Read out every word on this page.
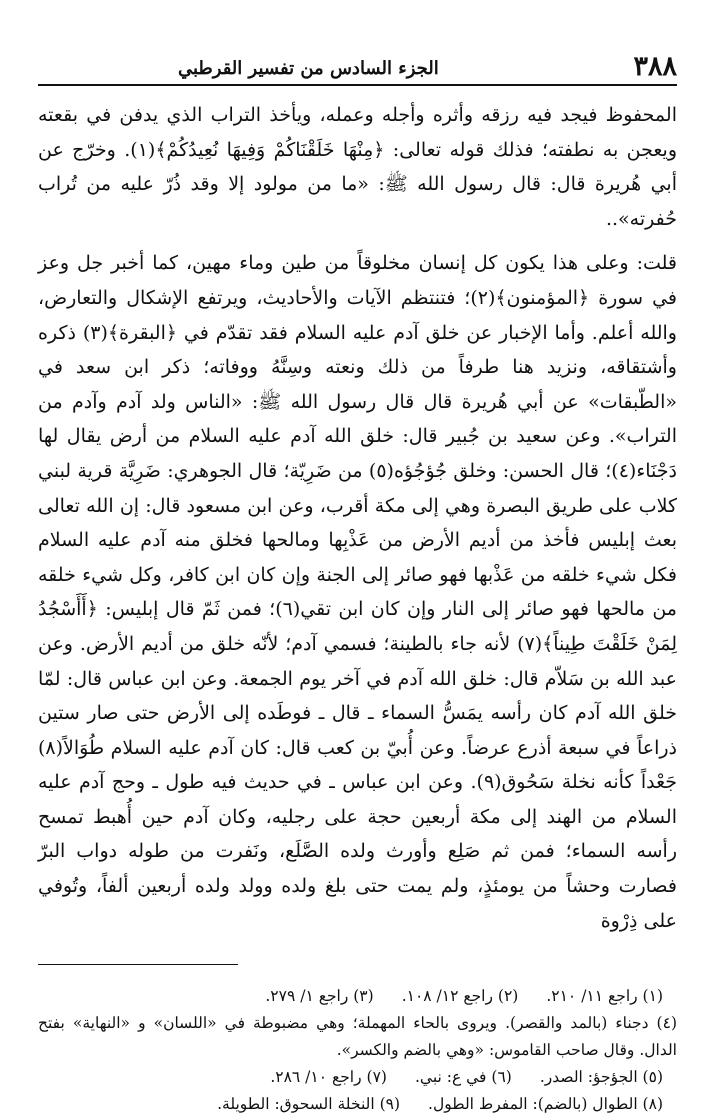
٣٨٨
الجزء السادس من تفسير القرطبي

المحفوظ فيجد فيه رزقه وأثره وأجله وعمله، ويأخذ التراب الذي يدفن في بقعته ويعجن به نطفته؛ فذلك قوله تعالى: ﴿مِنْهَا خَلَقْنَاكُمْ وَفِيهَا نُعِيدُكُمْ﴾(١). وخرّج عن أبي هُريرة قال: قال رسول الله ﷺ: «ما من مولود إلا وقد ذُرّ عليه من تُراب حُفرته»..

قلت: وعلى هذا يكون كل إنسان مخلوقاً من طين وماء مهين، كما أخبر جل وعز في سورة ﴿المؤمنون﴾(٢)؛ فتنتظم الآيات والأحاديث، ويرتفع الإشكال والتعارض، والله أعلم. وأما الإخبار عن خلق آدم عليه السلام فقد تقدّم في ﴿البقرة﴾(٣) ذكره وأشتقاقه، ونزيد هنا طرفاً من ذلك ونعته وسِنَّهُ ووفاته؛ ذكر ابن سعد في «الطّبقات» عن أبي هُريرة قال قال رسول الله ﷺ: «الناس ولد آدم وآدم من التراب». وعن سعيد بن جُبير قال: خلق الله آدم عليه السلام من أرض يقال لها دَجْنَاء(٤)؛ قال الحسن: وخلق جُؤجُؤه(٥) من ضَرِيّة؛ قال الجوهري: ضَرِيَّة قرية لبني كلاب على طريق البصرة وهي إلى مكة أقرب، وعن ابن مسعود قال: إن الله تعالى بعث إبليس فأخذ من أديم الأرض من عَذْبِها ومالحها فخلق منه آدم عليه السلام فكل شيء خلقه من عَذْبها فهو صائر إلى الجنة وإن كان ابن كافر، وكل شيء خلقه من مالحها فهو صائر إلى النار وإن كان ابن تقي(٦)؛ فمن ثَمّ قال إبليس: ﴿أَأَسْجُدُ لِمَنْ خَلَقْتَ طِيناً﴾(٧) لأنه جاء بالطينة؛ فسمي آدم؛ لأنّه خلق من أديم الأرض. وعن عبد الله بن سَلاّم قال: خلق الله آدم في آخر يوم الجمعة. وعن ابن عباس قال: لمّا خلق الله آدم كان رأسه يمَسُّ السماء ـ قال ـ فوطَده إلى الأرض حتى صار ستين ذراعاً في سبعة أذرع عرضاً. وعن أُبيّ بن كعب قال: كان آدم عليه السلام طُوَالاً(٨) جَعْداً كأنه نخلة سَحُوق(٩). وعن ابن عباس ـ في حديث فيه طول ـ وحج آدم عليه السلام من الهند إلى مكة أربعين حجة على رجليه، وكان آدم حين أُهبط تمسح رأسه السماء؛ فمن ثم صَلِع وأورث ولده الصَّلَع، ونَفرت من طوله دواب البرّ فصارت وحشاً من يومئذٍ، ولم يمت حتى بلغ ولده وولد ولده أربعين ألفاً، وتُوفي على ذِرْوة

(١) راجع ١١/ ٢١٠.
(٢) راجع ١٢/ ١٠٨.
(٣) راجع ١/ ٢٧٩.
(٤) دجناء (بالمد والقصر). ويروى بالحاء المهملة؛ وهي مضبوطة في «اللسان» و «النهاية» بفتح الدال. وقال صاحب القاموس: «وهي بالضم والكسر».
(٥) الجؤجؤ: الصدر.
(٦) في ع: نبي.
(٧) راجع ١٠/ ٢٨٦.
(٨) الطوال (بالضم): المفرط الطول.
(٩) النخلة السحوق: الطويلة.
